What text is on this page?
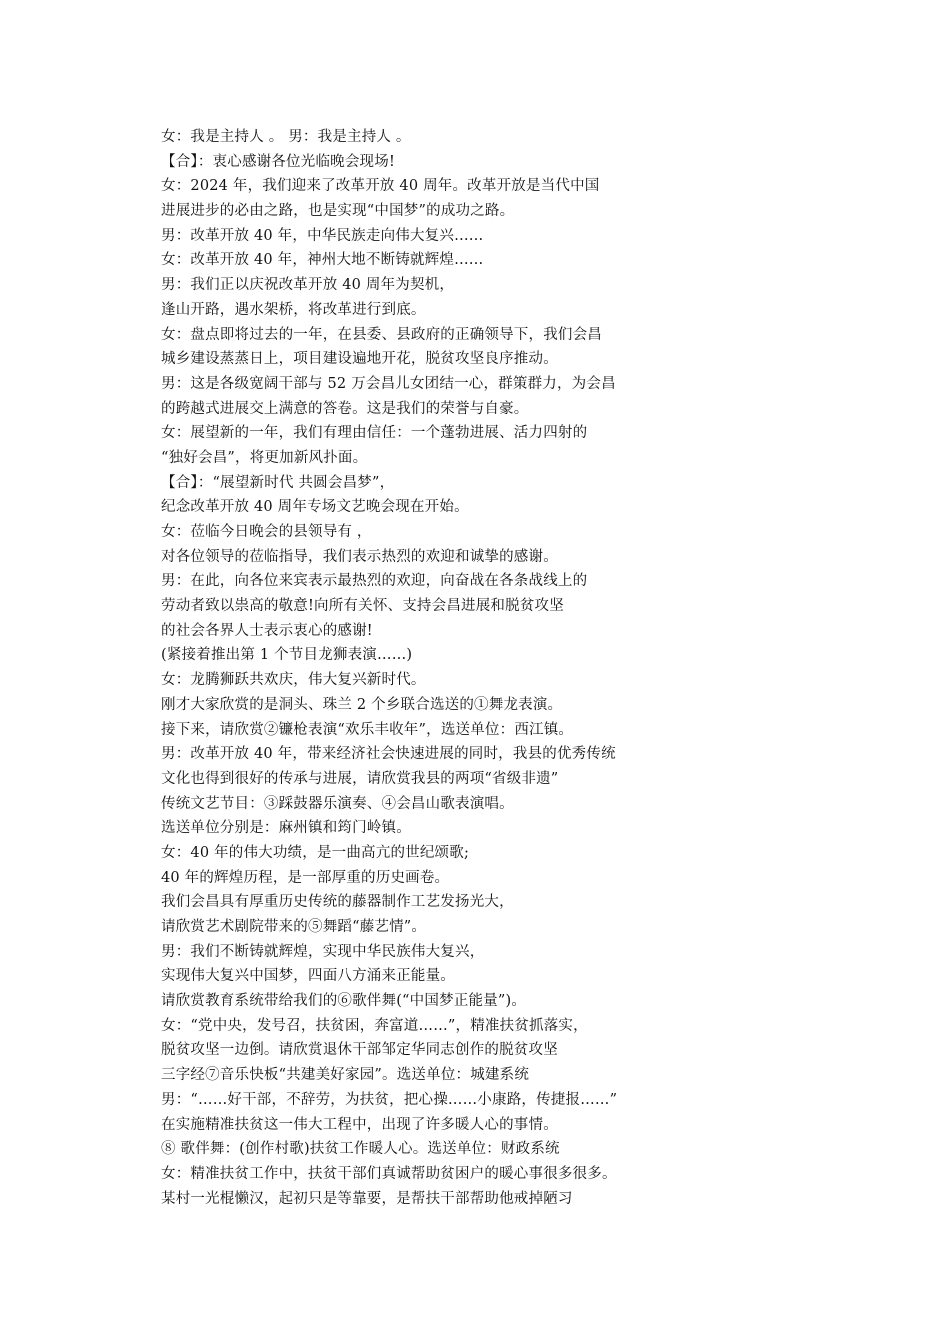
女：我是主持人 。 男：我是主持人 。
【合】：衷心感谢各位光临晚会现场!
女：2024 年，我们迎来了改革开放 40 周年。改革开放是当代中国
进展进步的必由之路，也是实现“中国梦”的成功之路。
男：改革开放 40 年，中华民族走向伟大复兴……
女：改革开放 40 年，神州大地不断铸就辉煌……
男：我们正以庆祝改革开放 40 周年为契机，
逢山开路，遇水架桥，将改革进行到底。
女：盘点即将过去的一年，在县委、县政府的正确领导下，我们会昌
城乡建设蒸蒸日上，项目建设遍地开花，脱贫攻坚良序推动。
男：这是各级宽阔干部与 52 万会昌儿女团结一心，群策群力，为会昌
的跨越式进展交上满意的答卷。这是我们的荣誉与自豪。
女：展望新的一年，我们有理由信任：一个蓬勃进展、活力四射的
“独好会昌”，将更加新风扑面。
【合】：“展望新时代 共圆会昌梦”，
纪念改革开放 40 周年专场文艺晚会现在开始。
女：莅临今日晚会的县领导有 ，
对各位领导的莅临指导，我们表示热烈的欢迎和诚挚的感谢。
男：在此，向各位来宾表示最热烈的欢迎，向奋战在各条战线上的
劳动者致以祟高的敬意!向所有关怀、支持会昌进展和脱贫攻坚
的社会各界人士表示衷心的感谢!
(紧接着推出第 1 个节目龙狮表演……)
女：龙腾狮跃共欢庆，伟大复兴新时代。
刚才大家欣赏的是洞头、珠兰 2 个乡联合选送的①舞龙表演。
接下来，请欣赏②镰枪表演“欢乐丰收年”，选送单位：西江镇。
男：改革开放 40 年，带来经济社会快速进展的同时，我县的优秀传统
文化也得到很好的传承与进展，请欣赏我县的两项“省级非遗”
传统文艺节目：③踩鼓器乐演奏、④会昌山歌表演唱。
选送单位分别是：麻州镇和筠门岭镇。
女：40 年的伟大功绩，是一曲高亢的世纪颂歌;
40 年的辉煌历程，是一部厚重的历史画卷。
我们会昌具有厚重历史传统的藤器制作工艺发扬光大，
请欣赏艺术剧院带来的⑤舞蹈“藤艺情”。
男：我们不断铸就辉煌，实现中华民族伟大复兴，
实现伟大复兴中国梦，四面八方涌来正能量。
请欣赏教育系统带给我们的⑥歌伴舞(“中国梦正能量”)。
女：“党中央，发号召，扶贫困，奔富道……”，精准扶贫抓落实，
脱贫攻坚一边倒。请欣赏退休干部邹定华同志创作的脱贫攻坚
三字经⑦音乐快板“共建美好家园”。选送单位：城建系统
男：“……好干部，不辞劳，为扶贫，把心操……小康路，传捷报……”
在实施精准扶贫这一伟大工程中，出现了许多暖人心的事情。
⑧ 歌伴舞：(创作村歌)扶贫工作暖人心。选送单位：财政系统
女：精准扶贫工作中，扶贫干部们真诚帮助贫困户的暖心事很多很多。
某村一光棍懒汉，起初只是等靠要，是帮扶干部帮助他戒掉陋习
